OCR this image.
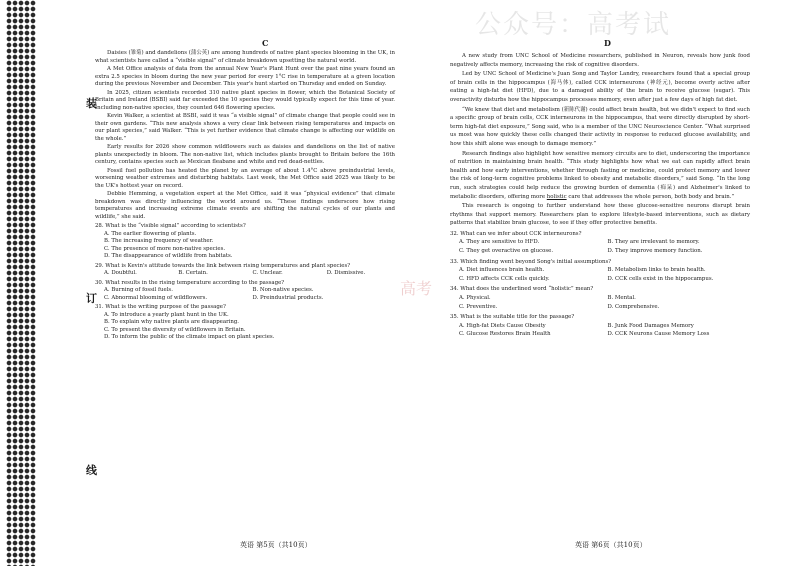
装
订
线
公众号：高考试
C

Daisies (雏菊) and dandelions (蒲公英) are among hundreds of native plant species blooming in the UK, in what scientists have called a “visible signal” of climate breakdown upsetting the natural world.

A Met Office analysis of data from the annual New Year's Plant Hunt over the past nine years found an extra 2.5 species in bloom during the new year period for every 1°C rise in temperature at a given location during the previous November and December. This year's hunt started on Thursday and ended on Sunday.

In 2025, citizen scientists recorded 310 native plant species in flower, which the Botanical Society of Britain and Ireland (BSBI) said far exceeded the 10 species they would typically expect for this time of year. Including non-native species, they counted 646 flowering species.

Kevin Walker, a scientist at BSBI, said it was “a visible signal” of climate change that people could see in their own gardens. “This new analysis shows a very clear link between rising temperatures and impacts on our plant species,” said Walker. “This is yet further evidence that climate change is affecting our wildlife on the whole.”

Early results for 2026 show common wildflowers such as daisies and dandelions on the list of native plants unexpectedly in bloom. The non-native list, which includes plants brought to Britain before the 16th century, contains species such as Mexican fleabane and white and red dead-nettles.

Fossil fuel pollution has heated the planet by an average of about 1.4°C above preindustrial levels, worsening weather extremes and disturbing habitats. Last week, the Met Office said 2025 was likely to be the UK's hottest year on record.

Debbie Hemming, a vegetation expert at the Met Office, said it was “physical evidence” that climate breakdown was directly influencing the world around us. “These findings underscore how rising temperatures and increasing extreme climate events are shifting the natural cycles of our plants and wildlife,” she said.

28. What is the “visible signal” according to scientists?
A. The earlier flowering of plants.
B. The increasing frequency of weather.
C. The presence of more non-native species.
D. The disappearance of wildlife from habitats.
29. What is Kevin's attitude towards the link between rising temperatures and plant species?
A. Doubtful.	B. Certain.	C. Unclear.	D. Dismissive.
30. What results in the rising temperature according to the passage?
A. Burning of fossil fuels.	B. Non-native species.
C. Abnormal blooming of wildflowers.	D. Preindustrial products.
31. What is the writing purpose of the passage?
A. To introduce a yearly plant hunt in the UK.
B. To explain why native plants are disappearing.
C. To present the diversity of wildflowers in Britain.
D. To inform the public of the climate impact on plant species.
英语 第5页（共10页）
D

A new study from UNC School of Medicine researchers, published in Neuron, reveals how junk food negatively affects memory, increasing the risk of cognitive disorders.

Led by UNC School of Medicine's Juan Song and Taylor Landry, researchers found that a special group of brain cells in the hippocampus (海马体), called CCK interneurons (神经元), become overly active after eating a high-fat diet (HFD), due to a damaged ability of the brain to receive glucose (sugar). This overactivity disturbs how the hippocampus processes memory, even after just a few days of high fat diet.

“We knew that diet and metabolism (新陈代谢) could affect brain health, but we didn't expect to find such a specific group of brain cells, CCK interneurons in the hippocampus, that were directly disrupted by short-term high-fat diet exposure,” Song said, who is a member of the UNC Neuroscience Center. “What surprised us most was how quickly these cells changed their activity in response to reduced glucose availability, and how this shift alone was enough to damage memory.”

Research findings also highlight how sensitive memory circuits are to diet, underscoring the importance of nutrition in maintaining brain health. “This study highlights how what we eat can rapidly affect brain health and how early interventions, whether through fasting or medicine, could protect memory and lower the risk of long-term cognitive problems linked to obesity and metabolic disorders,” said Song. “In the long run, such strategies could help reduce the growing burden of dementia (痴呆) and Alzheimer's linked to metabolic disorders, offering more holistic care that addresses the whole person, both body and brain.”

This research is ongoing to further understand how these glucose-sensitive neurons disrupt brain rhythms that support memory. Researchers plan to explore lifestyle-based interventions, such as dietary patterns that stabilize brain glucose, to see if they offer protective benefits.

32. What can we infer about CCK interneurons?
A. They are sensitive to HFD.	B. They are irrelevant to memory.
C. They get overactive on glucose.	D. They improve memory function.
33. Which finding went beyond Song's initial assumptions?
A. Diet influences brain health.	B. Metabolism links to brain health.
C. HFD affects CCK cells quickly.	D. CCK cells exist in the hippocampus.
34. What does the underlined word “holistic” mean?
A. Physical.	B. Mental.
C. Preventive.	D. Comprehensive.
35. What is the suitable title for the passage?
A. High-fat Diets Cause Obesity	B. Junk Food Damages Memory
C. Glucose Restores Brain Health	D. CCK Neurons Cause Memory Loss
英语 第6页（共10页）
高考
